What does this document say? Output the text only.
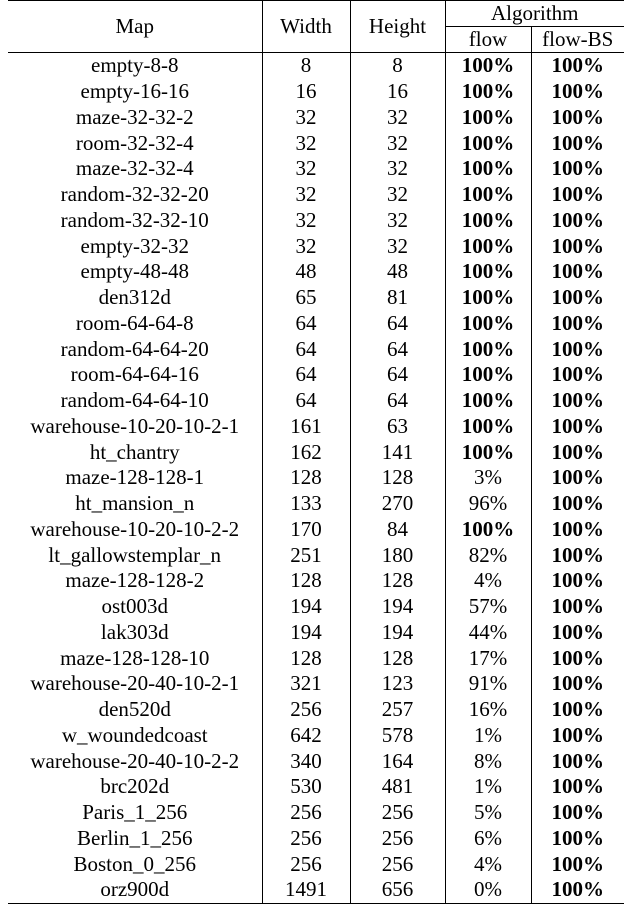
Map	Width	Height	Algorithm	
			flow	flow-BS
empty-8-8	8	8	100%	100%
empty-16-16	16	16	100%	100%
maze-32-32-2	32	32	100%	100%
room-32-32-4	32	32	100%	100%
maze-32-32-4	32	32	100%	100%
random-32-32-20	32	32	100%	100%
random-32-32-10	32	32	100%	100%
empty-32-32	32	32	100%	100%
empty-48-48	48	48	100%	100%
den312d	65	81	100%	100%
room-64-64-8	64	64	100%	100%
random-64-64-20	64	64	100%	100%
room-64-64-16	64	64	100%	100%
random-64-64-10	64	64	100%	100%
warehouse-10-20-10-2-1	161	63	100%	100%
ht_chantry	162	141	100%	100%
maze-128-128-1	128	128	3%	100%
ht_mansion_n	133	270	96%	100%
warehouse-10-20-10-2-2	170	84	100%	100%
lt_gallowstemplar_n	251	180	82%	100%
maze-128-128-2	128	128	4%	100%
ost003d	194	194	57%	100%
lak303d	194	194	44%	100%
maze-128-128-10	128	128	17%	100%
warehouse-20-40-10-2-1	321	123	91%	100%
den520d	256	257	16%	100%
w_woundedcoast	642	578	1%	100%
warehouse-20-40-10-2-2	340	164	8%	100%
brc202d	530	481	1%	100%
Paris_1_256	256	256	5%	100%
Berlin_1_256	256	256	6%	100%
Boston_0_256	256	256	4%	100%
orz900d	1491	656	0%	100%
